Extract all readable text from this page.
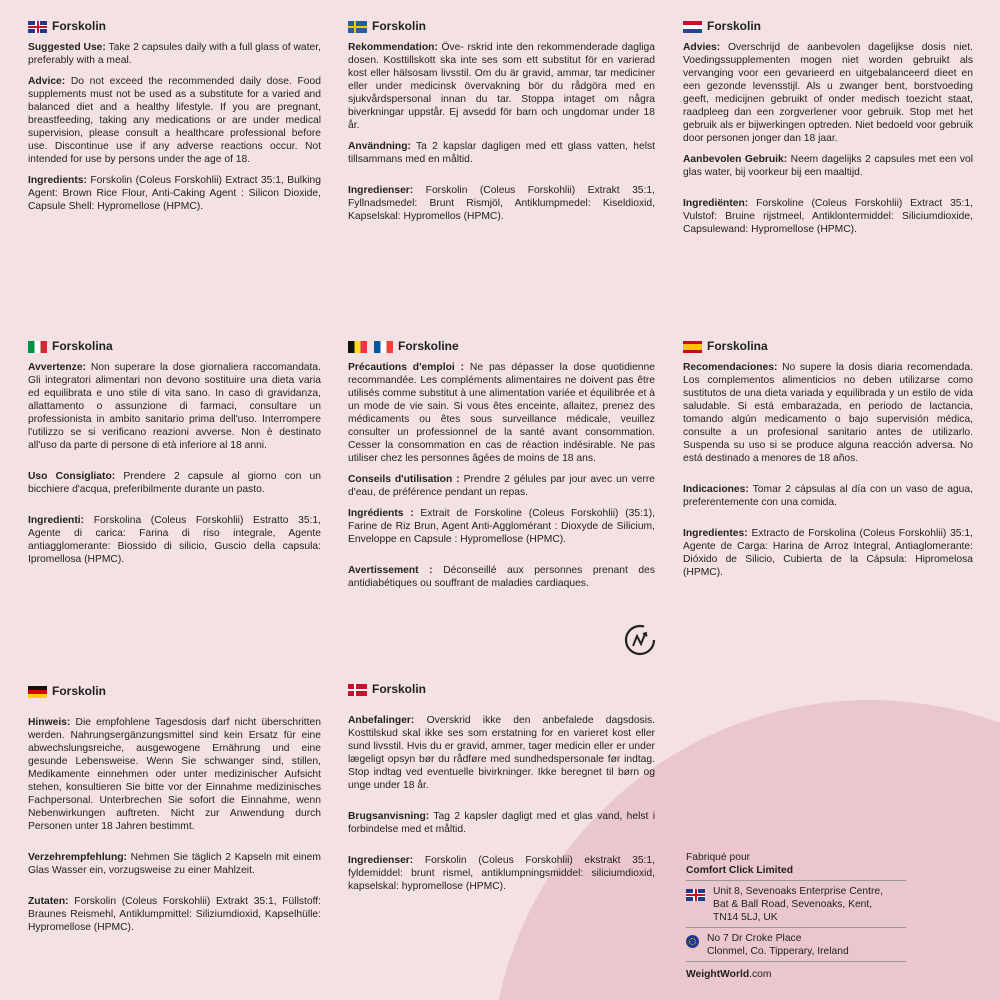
Forskolin

Suggested Use: Take 2 capsules daily with a full glass of water, preferably with a meal.

Advice: Do not exceed the recommended daily dose. Food supplements must not be used as a substitute for a varied and balanced diet and a healthy lifestyle. If you are pregnant, breastfeeding, taking any medications or are under medical supervision, please consult a healthcare professional before use. Discontinue use if any adverse reactions occur. Not intended for use by persons under the age of 18.

Ingredients: Forskolin (Coleus Forskohlii) Extract 35:1, Bulking Agent: Brown Rice Flour, Anti-Caking Agent : Silicon Dioxide, Capsule Shell: Hypromellose (HPMC).

Forskolin

Rekommendation: Öve- rskrid inte den rekommenderade dagliga dosen. Kosttillskott ska inte ses som ett substitut för en varierad kost eller hälsosam livsstil. Om du är gravid, ammar, tar mediciner eller under medicinsk övervakning bör du rådgöra med en sjukvårdspersonal innan du tar. Stoppa intaget om några biverkningar uppstår. Ej avsedd för barn och ungdomar under 18 år.

Användning: Ta 2 kapslar dagligen med ett glass vatten, helst tillsammans med en måltid.

Ingredienser: Forskolin (Coleus Forskohlii) Extrakt 35:1, Fyllnadsmedel: Brunt Rismjöl, Antiklumpmedel: Kiseldioxid, Kapselskal: Hypromellos (HPMC).

Forskolin

Advies: Overschrijd de aanbevolen dagelijkse dosis niet. Voedingssupplementen mogen niet worden gebruikt als vervanging voor een gevarieerd en uitgebalanceerd dieet en een gezonde levensstijl. Als u zwanger bent, borstvoeding geeft, medicijnen gebruikt of onder medisch toezicht staat, raadpleeg dan een zorgverlener voor gebruik. Stop met het gebruik als er bijwerkingen optreden. Niet bedoeld voor gebruik door personen jonger dan 18 jaar.

Aanbevolen Gebruik: Neem dagelijks 2 capsules met een vol glas water, bij voorkeur bij een maaltijd.

Ingrediënten: Forskoline (Coleus Forskohlii) Extract 35:1, Vulstof: Bruine rijstmeel, Antiklontermiddel: Siliciumdioxide, Capsulewand: Hypromellose (HPMC).

Forskolina

Avvertenze: Non superare la dose giornaliera raccomandata. Gli integratori alimentari non devono sostituire una dieta varia ed equilibrata e uno stile di vita sano. In caso di gravidanza, allattamento o assunzione di farmaci, consultare un professionista in ambito sanitario prima dell'uso. Interrompere l'utilizzo se si verificano reazioni avverse. Non è destinato all'uso da parte di persone di età inferiore al 18 anni.

Uso Consigliato: Prendere 2 capsule al giorno con un bicchiere d'acqua, preferibilmente durante un pasto.

Ingredienti: Forskolina (Coleus Forskohlii) Estratto 35:1, Agente di carica: Farina di riso integrale, Agente antiagglomerante: Biossido di silicio, Guscio della capsula: Ipromellosa (HPMC).

Forskoline

Précautions d'emploi : Ne pas dépasser la dose quotidienne recommandée. Les compléments alimentaires ne doivent pas être utilisés comme substitut à une alimentation variée et équilibrée et à un mode de vie sain. Si vous êtes enceinte, allaitez, prenez des médicaments ou êtes sous surveillance médicale, veuillez consulter un professionnel de la santé avant consommation. Cesser la consommation en cas de réaction indésirable. Ne pas utiliser chez les personnes âgées de moins de 18 ans.

Conseils d'utilisation : Prendre 2 gélules par jour avec un verre d'eau, de préférence pendant un repas.

Ingrédients : Extrait de Forskoline (Coleus Forskohlii) (35:1), Farine de Riz Brun, Agent Anti-Agglomérant : Dioxyde de Silicium, Enveloppe en Capsule : Hypromellose (HPMC).

Avertissement : Déconseillé aux personnes prenant des antidiabétiques ou souffrant de maladies cardiaques.

Forskolina

Recomendaciones: No supere la dosis diaria recomendada. Los complementos alimenticios no deben utilizarse como sustitutos de una dieta variada y equilibrada y un estilo de vida saludable. Si está embarazada, en periodo de lactancia, tomando algún medicamento o bajo supervisión médica, consulte a un profesional sanitario antes de utilizarlo. Suspenda su uso si se produce alguna reacción adversa. No está destinado a menores de 18 años.

Indicaciones: Tomar 2 cápsulas al día con un vaso de agua, preferentemente con una comida.

Ingredientes: Extracto de Forskolina (Coleus Forskohlii) 35:1, Agente de Carga: Harina de Arroz Integral, Antiaglomerante: Dióxido de Silicio, Cubierta de la Cápsula: Hipromelosa (HPMC).

Forskolin

Hinweis: Die empfohlene Tagesdosis darf nicht überschritten werden. Nahrungsergänzungsmittel sind kein Ersatz für eine abwechslungsreiche, ausgewogene Ernährung und eine gesunde Lebensweise. Wenn Sie schwanger sind, stillen, Medikamente einnehmen oder unter medizinischer Aufsicht stehen, konsultieren Sie bitte vor der Einnahme medizinisches Fachpersonal. Unterbrechen Sie sofort die Einnahme, wenn Nebenwirkungen auftreten. Nicht zur Anwendung durch Personen unter 18 Jahren bestimmt.

Verzehrempfehlung: Nehmen Sie täglich 2 Kapseln mit einem Glas Wasser ein, vorzugsweise zu einer Mahlzeit.

Zutaten: Forskolin (Coleus Forskohlii) Extrakt 35:1, Füllstoff: Braunes Reismehl, Antiklumpmittel: Siliziumdioxid, Kapselhülle: Hypromellose (HPMC).

Forskolin

Anbefalinger: Overskrid ikke den anbefalede dagsdosis. Kosttilskud skal ikke ses som erstatning for en varieret kost eller sund livsstil. Hvis du er gravid, ammer, tager medicin eller er under lægeligt opsyn bør du rådføre med sundhedspersonale før indtag. Stop indtag ved eventuelle bivirkninger. Ikke beregnet til børn og unge under 18 år.

Brugsanvisning: Tag 2 kapsler dagligt med et glas vand, helst i forbindelse med et måltid.

Ingredienser: Forskolin (Coleus Forskohlii) ekstrakt 35:1, fyldemiddel: brunt rismel, antiklumpningsmiddel: siliciumdioxid, kapselskal: hypromellose (HPMC).

Fabriqué pour
Comfort Click Limited
Unit 8, Sevenoaks Enterprise Centre,
Bat & Ball Road, Sevenoaks, Kent,
TN14 5LJ, UK
No 7 Dr Croke Place
Clonmel, Co. Tipperary, Ireland
WeightWorld.com
